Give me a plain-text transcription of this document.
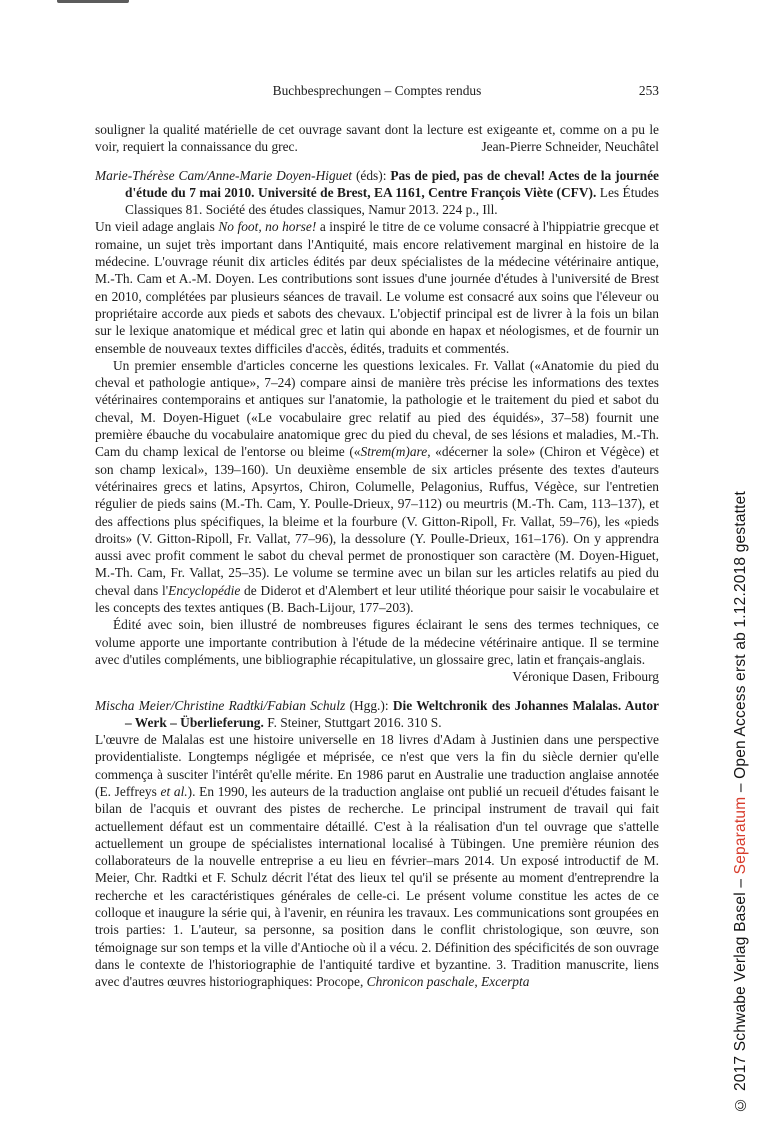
Buchbesprechungen – Comptes rendus	253

souligner la qualité matérielle de cet ouvrage savant dont la lecture est exigeante et, comme on a pu le voir, requiert la connaissance du grec.	Jean-Pierre Schneider, Neuchâtel

Marie-Thérèse Cam/Anne-Marie Doyen-Higuet (éds): Pas de pied, pas de cheval! Actes de la journée d'étude du 7 mai 2010. Université de Brest, EA 1161, Centre François Viète (CFV). Les Études Classiques 81. Société des études classiques, Namur 2013. 224 p., Ill.

Un vieil adage anglais No foot, no horse! a inspiré le titre de ce volume consacré à l'hippiatrie grecque et romaine, un sujet très important dans l'Antiquité, mais encore relativement marginal en histoire de la médecine. L'ouvrage réunit dix articles édités par deux spécialistes de la médecine vétérinaire antique, M.-Th. Cam et A.-M. Doyen. Les contributions sont issues d'une journée d'études à l'université de Brest en 2010, complétées par plusieurs séances de travail. Le volume est consacré aux soins que l'éleveur ou propriétaire accorde aux pieds et sabots des chevaux. L'objectif principal est de livrer à la fois un bilan sur le lexique anatomique et médical grec et latin qui abonde en hapax et néologismes, et de fournir un ensemble de nouveaux textes difficiles d'accès, édités, traduits et commentés.

Un premier ensemble d'articles concerne les questions lexicales. Fr. Vallat («Anatomie du pied du cheval et pathologie antique», 7–24) compare ainsi de manière très précise les informations des textes vétérinaires contemporains et antiques sur l'anatomie, la pathologie et le traitement du pied et sabot du cheval, M. Doyen-Higuet («Le vocabulaire grec relatif au pied des équidés», 37–58) fournit une première ébauche du vocabulaire anatomique grec du pied du cheval, de ses lésions et maladies, M.-Th. Cam du champ lexical de l'entorse ou bleime («Strem(m)are, «décerner la sole» (Chiron et Végèce) et son champ lexical», 139–160). Un deuxième ensemble de six articles présente des textes d'auteurs vétérinaires grecs et latins, Apsyrtos, Chiron, Columelle, Pelagonius, Ruffus, Végèce, sur l'entretien régulier de pieds sains (M.-Th. Cam, Y. Poulle-Drieux, 97–112) ou meurtris (M.-Th. Cam, 113–137), et des affections plus spécifiques, la bleime et la fourbure (V. Gitton-Ripoll, Fr. Vallat, 59–76), les «pieds droits» (V. Gitton-Ripoll, Fr. Vallat, 77–96), la dessolure (Y. Poulle-Drieux, 161–176). On y apprendra aussi avec profit comment le sabot du cheval permet de pronostiquer son caractère (M. Doyen-Higuet, M.-Th. Cam, Fr. Vallat, 25–35). Le volume se termine avec un bilan sur les articles relatifs au pied du cheval dans l'Encyclopédie de Diderot et d'Alembert et leur utilité théorique pour saisir le vocabulaire et les concepts des textes antiques (B. Bach-Lijour, 177–203).

Édité avec soin, bien illustré de nombreuses figures éclairant le sens des termes techniques, ce volume apporte une importante contribution à l'étude de la médecine vétérinaire antique. Il se termine avec d'utiles compléments, une bibliographie récapitulative, un glossaire grec, latin et français-anglais.

Véronique Dasen, Fribourg

Mischa Meier/Christine Radtki/Fabian Schulz (Hgg.): Die Weltchronik des Johannes Malalas. Autor – Werk – Überlieferung. F. Steiner, Stuttgart 2016. 310 S.

L'œuvre de Malalas est une histoire universelle en 18 livres d'Adam à Justinien dans une perspective providentialiste. Longtemps négligée et méprisée, ce n'est que vers la fin du siècle dernier qu'elle commença à susciter l'intérêt qu'elle mérite. En 1986 parut en Australie une traduction anglaise annotée (E. Jeffreys et al.). En 1990, les auteurs de la traduction anglaise ont publié un recueil d'études faisant le bilan de l'acquis et ouvrant des pistes de recherche. Le principal instrument de travail qui fait actuellement défaut est un commentaire détaillé. C'est à la réalisation d'un tel ouvrage que s'attelle actuellement un groupe de spécialistes international localisé à Tübingen. Une première réunion des collaborateurs de la nouvelle entreprise a eu lieu en février–mars 2014. Un exposé introductif de M. Meier, Chr. Radtki et F. Schulz décrit l'état des lieux tel qu'il se présente au moment d'entreprendre la recherche et les caractéristiques générales de celle-ci. Le présent volume constitue les actes de ce colloque et inaugure la série qui, à l'avenir, en réunira les travaux. Les communications sont groupées en trois parties: 1. L'auteur, sa personne, sa position dans le conflit christologique, son œuvre, son témoignage sur son temps et la ville d'Antioche où il a vécu. 2. Définition des spécificités de son ouvrage dans le contexte de l'historiographie de l'antiquité tardive et byzantine. 3. Tradition manuscrite, liens avec d'autres œuvres historiographiques: Procope, Chronicon paschale, Excerpta	© 2017 Schwabe Verlag Basel – Separatum – Open Access erst ab 1.12.2018 gestattet
